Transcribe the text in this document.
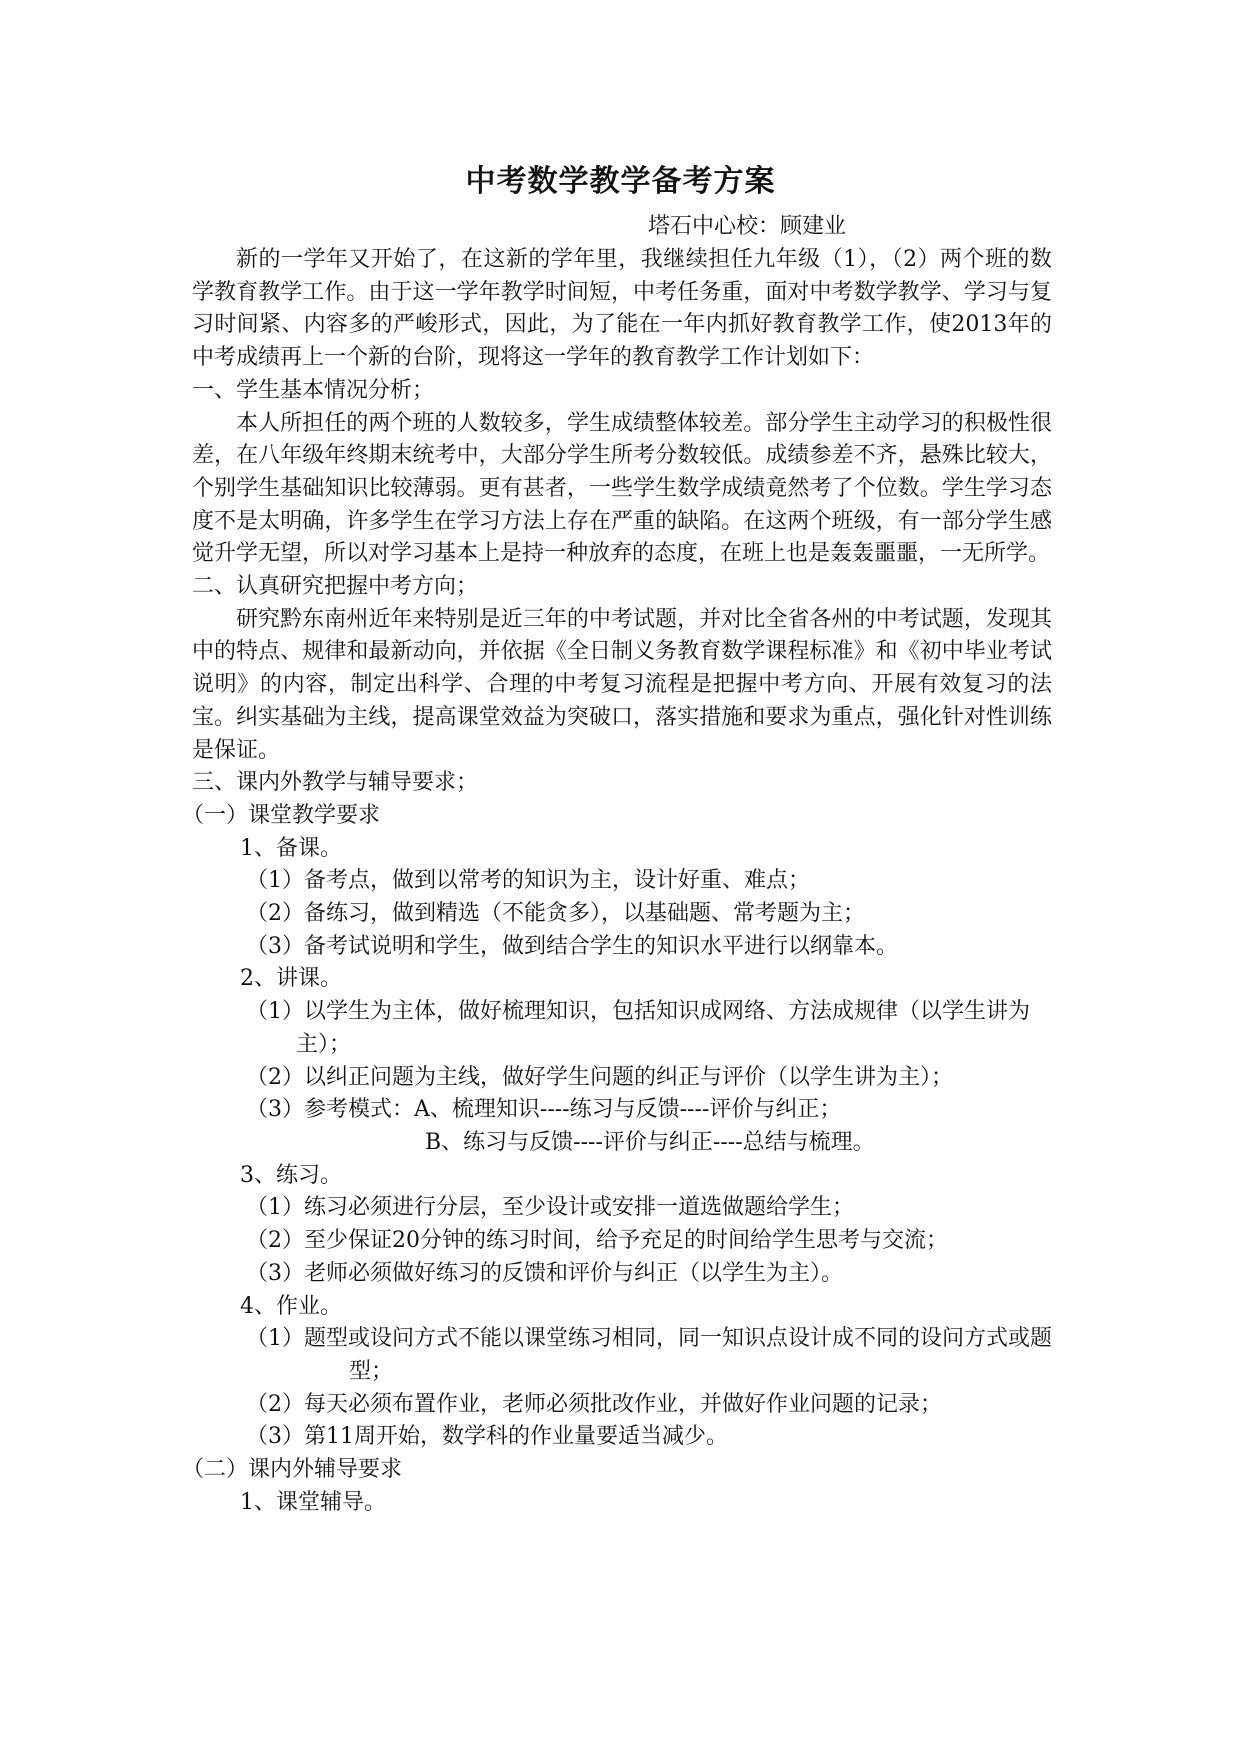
中考数学教学备考方案
塔石中心校：顾建业

新的一学年又开始了，在这新的学年里，我继续担任九年级（1），（2）两个班的数学教育教学工作。由于这一学年教学时间短，中考任务重，面对中考数学教学、学习与复习时间紧、内容多的严峻形式，因此，为了能在一年内抓好教育教学工作，使2013年的中考成绩再上一个新的台阶，现将这一学年的教育教学工作计划如下：

一、学生基本情况分析；

本人所担任的两个班的人数较多，学生成绩整体较差。部分学生主动学习的积极性很差，在八年级年终期末统考中，大部分学生所考分数较低。成绩参差不齐，悬殊比较大，个别学生基础知识比较薄弱。更有甚者，一些学生数学成绩竟然考了个位数。学生学习态度不是太明确，许多学生在学习方法上存在严重的缺陷。在这两个班级，有一部分学生感觉升学无望，所以对学习基本上是持一种放弃的态度，在班上也是轰轰噩噩，一无所学。

二、认真研究把握中考方向；

研究黔东南州近年来特别是近三年的中考试题，并对比全省各州的中考试题，发现其中的特点、规律和最新动向，并依据《全日制义务教育数学课程标准》和《初中毕业考试说明》的内容，制定出科学、合理的中考复习流程是把握中考方向、开展有效复习的法宝。纠实基础为主线，提高课堂效益为突破口，落实措施和要求为重点，强化针对性训练是保证。

三、课内外教学与辅导要求；

（一）课堂教学要求

1、备课。

（1）备考点，做到以常考的知识为主，设计好重、难点；

（2）备练习，做到精选（不能贪多），以基础题、常考题为主；

（3）备考试说明和学生，做到结合学生的知识水平进行以纲靠本。

2、讲课。

（1）以学生为主体，做好梳理知识，包括知识成网络、方法成规律（以学生讲为主）；

（2）以纠正问题为主线，做好学生问题的纠正与评价（以学生讲为主）；

（3）参考模式：A、梳理知识----练习与反馈----评价与纠正；

B、练习与反馈----评价与纠正----总结与梳理。

3、练习。

（1）练习必须进行分层，至少设计或安排一道选做题给学生；

（2）至少保证20分钟的练习时间，给予充足的时间给学生思考与交流；

（3）老师必须做好练习的反馈和评价与纠正（以学生为主）。

4、作业。

（1）题型或设问方式不能以课堂练习相同，同一知识点设计成不同的设问方式或题型；

（2）每天必须布置作业，老师必须批改作业，并做好作业问题的记录；

（3）第11周开始，数学科的作业量要适当减少。

（二）课内外辅导要求

1、课堂辅导。
